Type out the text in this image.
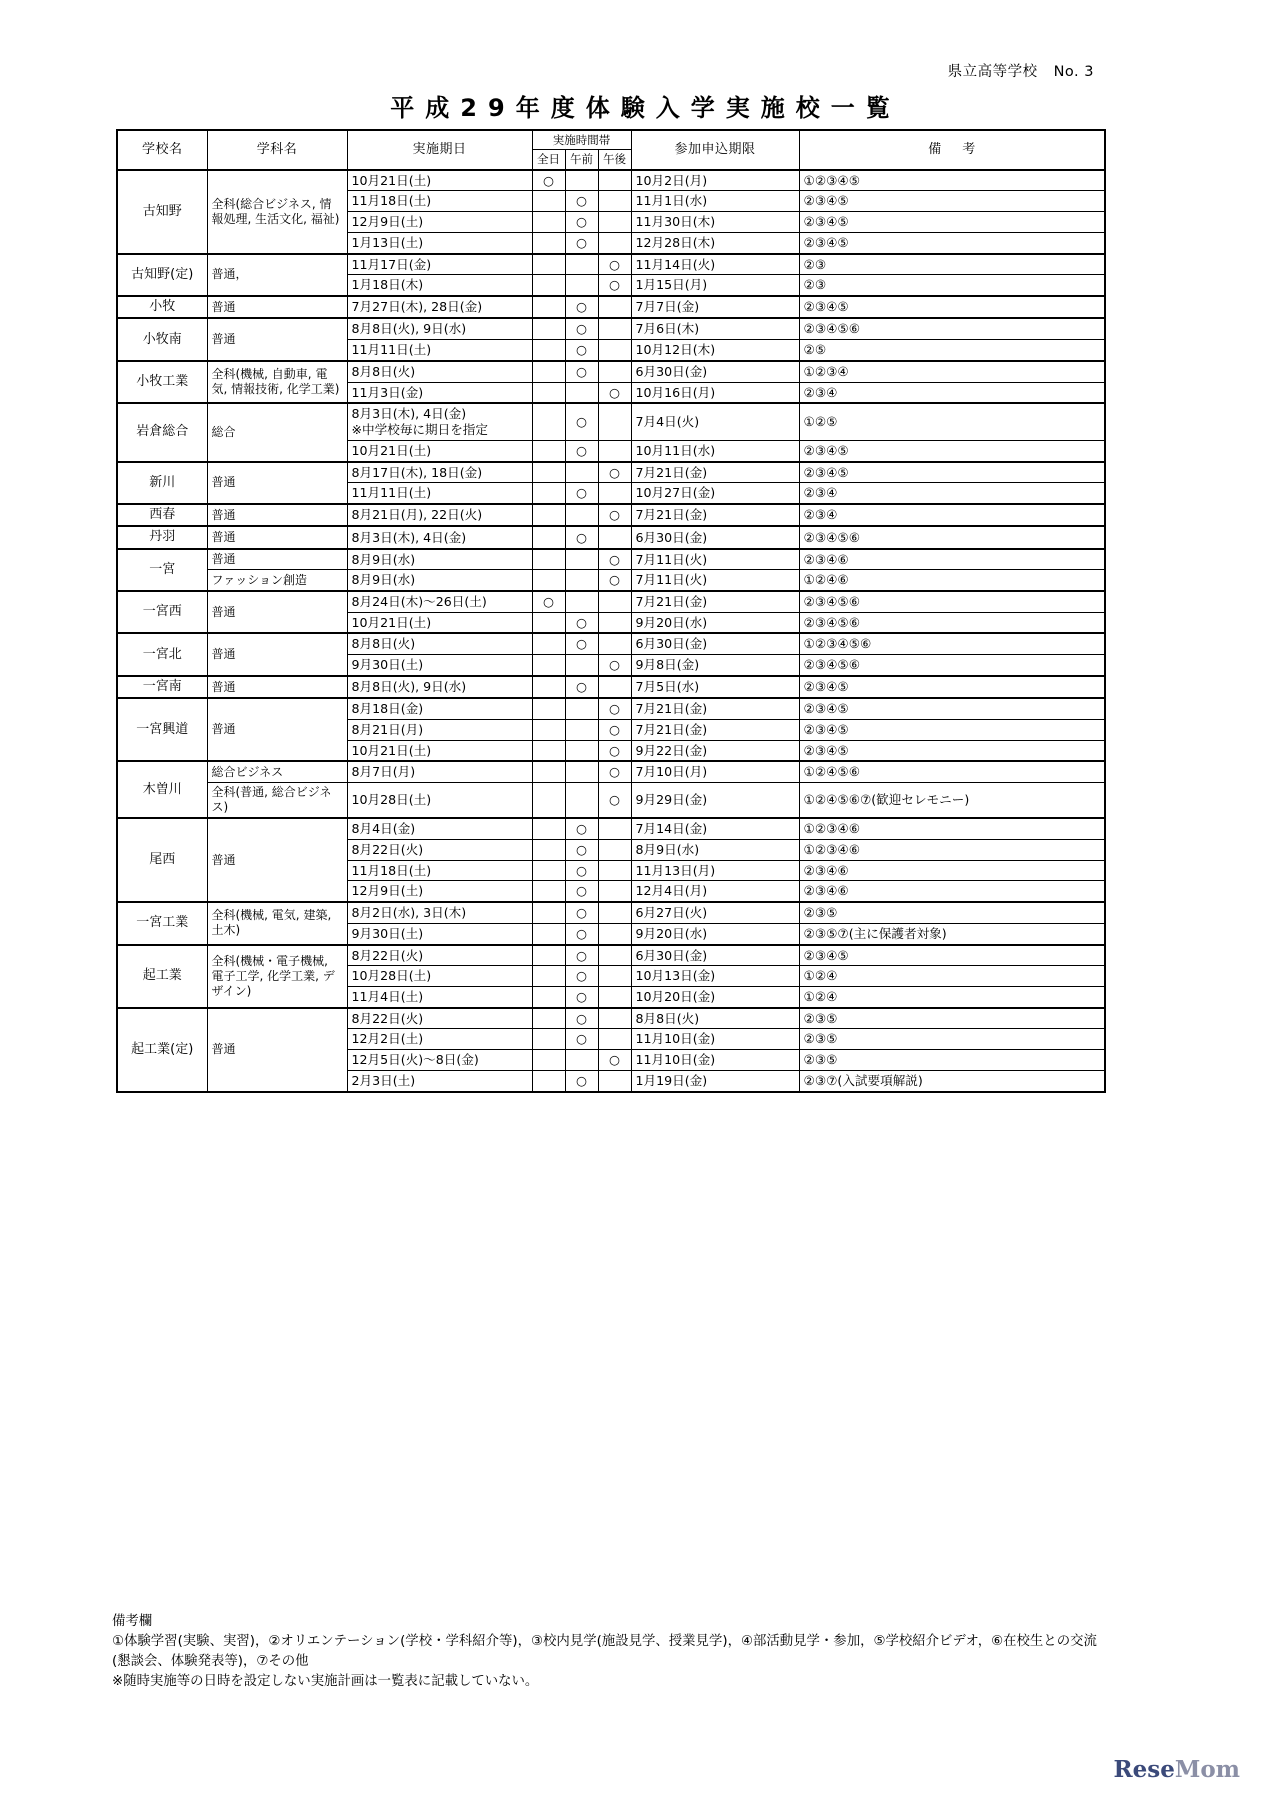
県立高等学校 No. 3
平成29年度体験入学実施校一覧
学校名	学科名	実施期日	実施時間帯			参加申込期限	備　考
			全日	午前	午後		
古知野	全科(総合ビジネス, 情報処理, 生活文化, 福祉)	10月21日(土)	○			10月2日(月)	①②③④⑤

		11月18日(土)		○		11月1日(水)	②③④⑤

		12月9日(土)		○		11月30日(木)	②③④⑤

		1月13日(土)		○		12月28日(木)	②③④⑤
古知野(定)	普通，	11月17日(金)			○	11月14日(火)	②③

		1月18日(木)			○	1月15日(月)	②③
小牧	普通	7月27日(木), 28日(金)		○		7月7日(金)	②③④⑤
小牧南	普通	8月8日(火), 9日(水)		○		7月6日(木)	②③④⑤⑥

		11月11日(土)		○		10月12日(木)	②⑤
小牧工業	全科(機械, 自動車, 電気, 情報技術, 化学工業)	8月8日(火)		○		6月30日(金)	①②③④

		11月3日(金)			○	10月16日(月)	②③④
岩倉総合	総合	8月3日(木), 4日(金)
※中学校毎に期日を指定		○		7月4日(火)	①②⑤

		10月21日(土)		○		10月11日(水)	②③④⑤
新川	普通	8月17日(木), 18日(金)			○	7月21日(金)	②③④⑤

		11月11日(土)		○		10月27日(金)	②③④
西春	普通	8月21日(月), 22日(火)			○	7月21日(金)	②③④
丹羽	普通	8月3日(木), 4日(金)		○		6月30日(金)	②③④⑤⑥
一宮	普通	8月9日(水)			○	7月11日(火)	②③④⑥
	ファッション創造	8月9日(水)			○	7月11日(火)	①②④⑥
一宮西	普通	8月24日(木)～26日(土)	○			7月21日(金)	②③④⑤⑥

		10月21日(土)		○		9月20日(水)	②③④⑤⑥
一宮北	普通	8月8日(火)		○		6月30日(金)	①②③④⑤⑥

		9月30日(土)			○	9月8日(金)	②③④⑤⑥
一宮南	普通	8月8日(火), 9日(水)		○		7月5日(水)	②③④⑤
一宮興道	普通	8月18日(金)			○	7月21日(金)	②③④⑤

		8月21日(月)			○	7月21日(金)	②③④⑤

		10月21日(土)			○	9月22日(金)	②③④⑤
木曽川	総合ビジネス	8月7日(月)			○	7月10日(月)	①②④⑤⑥
	全科(普通, 総合ビジネス)	10月28日(土)			○	9月29日(金)	①②④⑤⑥⑦(歓迎セレモニー)
尾西	普通	8月4日(金)		○		7月14日(金)	①②③④⑥

		8月22日(火)		○		8月9日(水)	①②③④⑥

		11月18日(土)		○		11月13日(月)	②③④⑥

		12月9日(土)		○		12月4日(月)	②③④⑥
一宮工業	全科(機械, 電気, 建築, 土木)	8月2日(水), 3日(木)		○		6月27日(火)	②③⑤

		9月30日(土)		○		9月20日(水)	②③⑤⑦(主に保護者対象)
起工業	全科(機械・電子機械, 電子工学, 化学工業, デザイン)	8月22日(火)		○		6月30日(金)	②③④⑤

		10月28日(土)		○		10月13日(金)	①②④

		11月4日(土)		○		10月20日(金)	①②④
起工業(定)	普通	8月22日(火)		○		8月8日(火)	②③⑤

		12月2日(土)		○		11月10日(金)	②③⑤

		12月5日(火)～8日(金)			○	11月10日(金)	②③⑤

		2月3日(土)		○		1月19日(金)	②③⑦(入試要項解説)
備考欄
①体験学習(実験、実習)，②オリエンテーション(学校・学科紹介等)，③校内見学(施設見学、授業見学)，④部活動見学・参加，⑤学校紹介ビデオ，⑥在校生との交流(懇談会、体験発表等)，⑦その他
※随時実施等の日時を設定しない実施計画は一覧表に記載していない。
ReseMom
